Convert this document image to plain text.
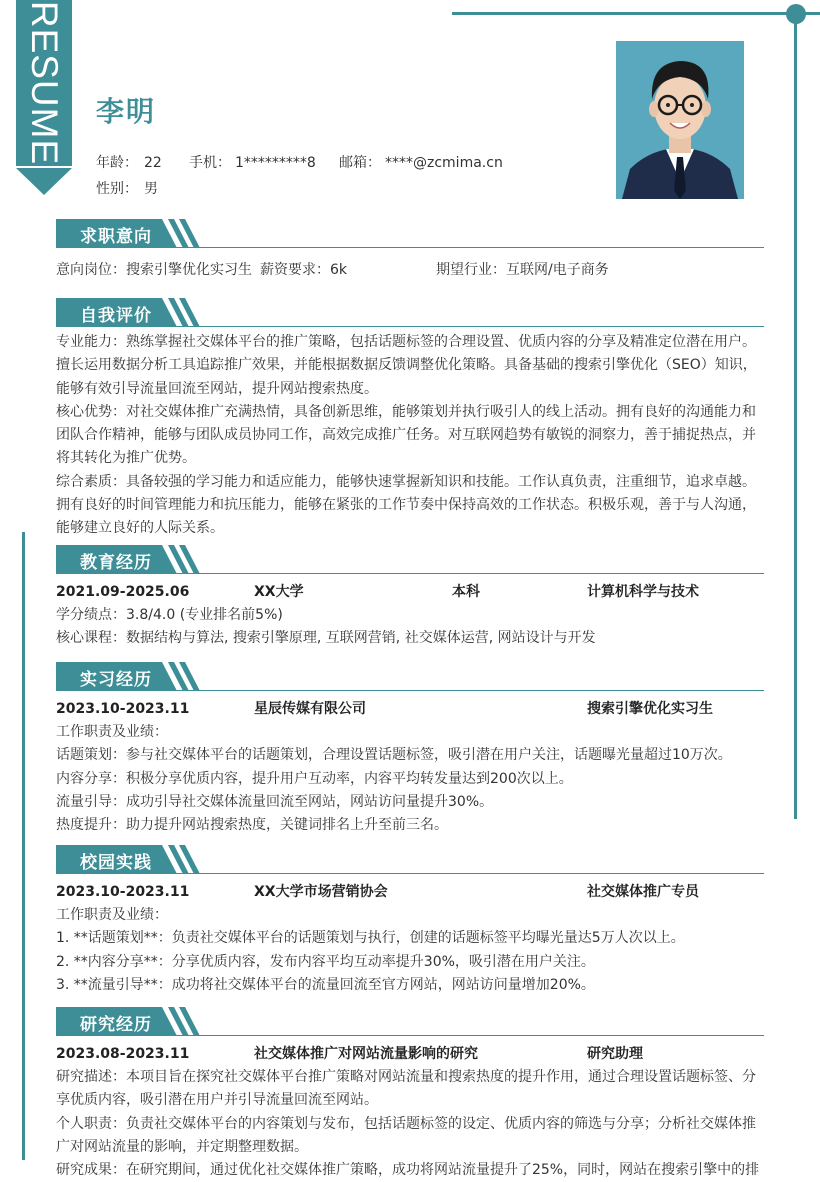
RESUME 李明
年龄： 22 手机： 1*********8 邮箱： ****@zcmima.cn
性别： 男
求职意向
意向岗位：搜索引擎优化实习生 薪资要求：6k	期望行业：互联网/电子商务
自我评价

专业能力：熟练掌握社交媒体平台的推广策略，包括话题标签的合理设置、优质内容的分享及精准定位潜在用户。

擅长运用数据分析工具追踪推广效果，并能根据数据反馈调整优化策略。具备基础的搜索引擎优化（SEO）知识，

能够有效引导流量回流至网站，提升网站搜索热度。

核心优势：对社交媒体推广充满热情，具备创新思维，能够策划并执行吸引人的线上活动。拥有良好的沟通能力和

团队合作精神，能够与团队成员协同工作，高效完成推广任务。对互联网趋势有敏锐的洞察力，善于捕捉热点，并

将其转化为推广优势。

综合素质：具备较强的学习能力和适应能力，能够快速掌握新知识和技能。工作认真负责，注重细节，追求卓越。

拥有良好的时间管理能力和抗压能力，能够在紧张的工作节奏中保持高效的工作状态。积极乐观，善于与人沟通，

能够建立良好的人际关系。

教育经历
2021.09-2025.06	XX大学	本科	计算机科学与技术

学分绩点：3.8/4.0 (专业排名前5%)

核心课程：数据结构与算法, 搜索引擎原理, 互联网营销, 社交媒体运营, 网站设计与开发

实习经历
2023.10-2023.11	星辰传媒有限公司	搜索引擎优化实习生

工作职责及业绩：

话题策划：参与社交媒体平台的话题策划，合理设置话题标签，吸引潜在用户关注，话题曝光量超过10万次。

内容分享：积极分享优质内容，提升用户互动率，内容平均转发量达到200次以上。

流量引导：成功引导社交媒体流量回流至网站，网站访问量提升30%。

热度提升：助力提升网站搜索热度，关键词排名上升至前三名。

校园实践
2023.10-2023.11	XX大学市场营销协会	社交媒体推广专员

工作职责及业绩：

1. **话题策划**：负责社交媒体平台的话题策划与执行，创建的话题标签平均曝光量达5万人次以上。

2. **内容分享**：分享优质内容，发布内容平均互动率提升30%，吸引潜在用户关注。

3. **流量引导**：成功将社交媒体平台的流量回流至官方网站，网站访问量增加20%。

研究经历
2023.08-2023.11	社交媒体推广对网站流量影响的研究	研究助理

研究描述：本项目旨在探究社交媒体平台推广策略对网站流量和搜索热度的提升作用，通过合理设置话题标签、分

享优质内容，吸引潜在用户并引导流量回流至网站。

个人职责：负责社交媒体平台的内容策划与发布，包括话题标签的设定、优质内容的筛选与分享；分析社交媒体推

广对网站流量的影响，并定期整理数据。

研究成果：在研究期间，通过优化社交媒体推广策略，成功将网站流量提升了25%，同时，网站在搜索引擎中的排
